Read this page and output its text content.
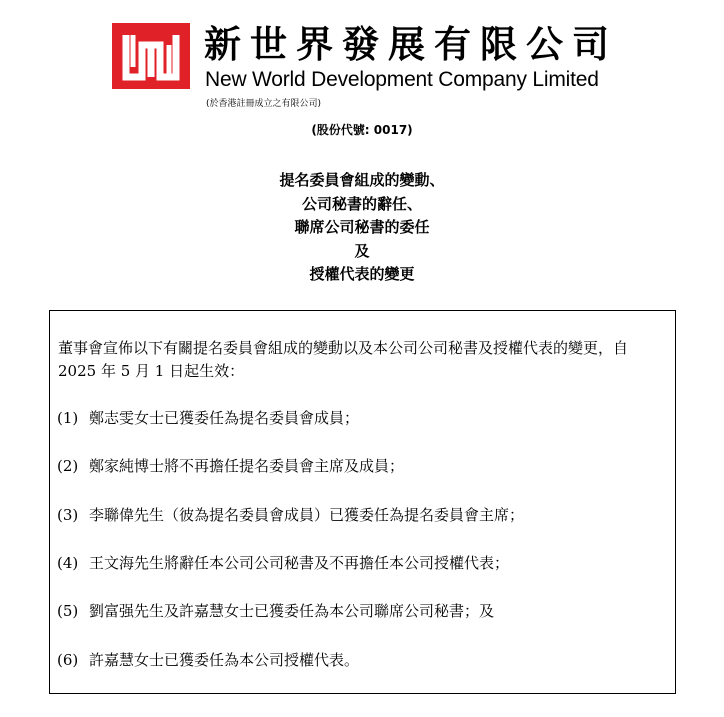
新世界發展有限公司
New World Development Company Limited
(於香港註冊成立之有限公司)
(股份代號: 0017)
提名委員會組成的變動、
公司秘書的辭任、
聯席公司秘書的委任
及
授權代表的變更
董事會宣佈以下有關提名委員會組成的變動以及本公司公司秘書及授權代表的變更，自 2025 年 5 月 1 日起生效：
(1) 鄭志雯女士已獲委任為提名委員會成員；
(2) 鄭家純博士將不再擔任提名委員會主席及成員；
(3) 李聯偉先生（彼為提名委員會成員）已獲委任為提名委員會主席；
(4) 王文海先生將辭任本公司公司秘書及不再擔任本公司授權代表；
(5) 劉富强先生及許嘉慧女士已獲委任為本公司聯席公司秘書；及
(6) 許嘉慧女士已獲委任為本公司授權代表。
